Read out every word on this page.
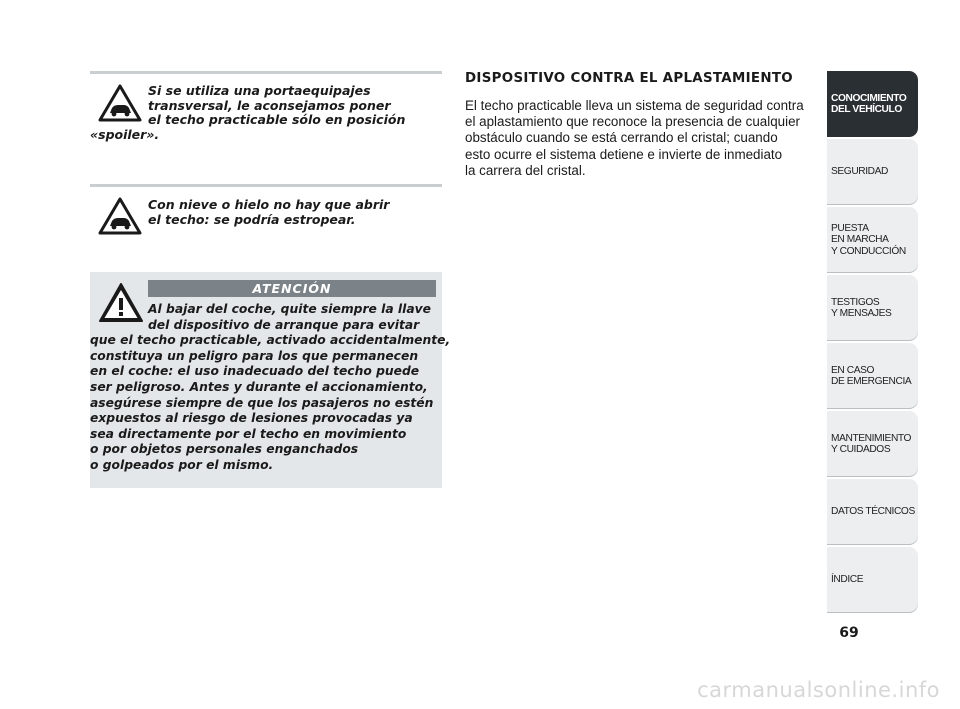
Si se utiliza una portaequipajes
transversal, le aconsejamos poner
el techo practicable sólo en posición
«spoiler».

Con nieve o hielo no hay que abrir
el techo: se podría estropear.

ATENCIÓN

Al bajar del coche, quite siempre la llave
del dispositivo de arranque para evitar
que el techo practicable, activado accidentalmente,
constituya un peligro para los que permanecen
en el coche: el uso inadecuado del techo puede
ser peligroso. Antes y durante el accionamiento,
asegúrese siempre de que los pasajeros no estén
expuestos al riesgo de lesiones provocadas ya
sea directamente por el techo en movimiento
o por objetos personales enganchados
o golpeados por el mismo.

DISPOSITIVO CONTRA EL APLASTAMIENTO

El techo practicable lleva un sistema de seguridad contra
el aplastamiento que reconoce la presencia de cualquier
obstáculo cuando se está cerrando el cristal; cuando
esto ocurre el sistema detiene e invierte de inmediato
la carrera del cristal.

CONOCIMIENTO
DEL VEHÍCULO
SEGURIDAD
PUESTA
EN MARCHA
Y CONDUCCIÓN
TESTIGOS
Y MENSAJES
EN CASO
DE EMERGENCIA
MANTENIMIENTO
Y CUIDADOS
DATOS TÉCNICOS
ÍNDICE
69
carmanualsonline.info
